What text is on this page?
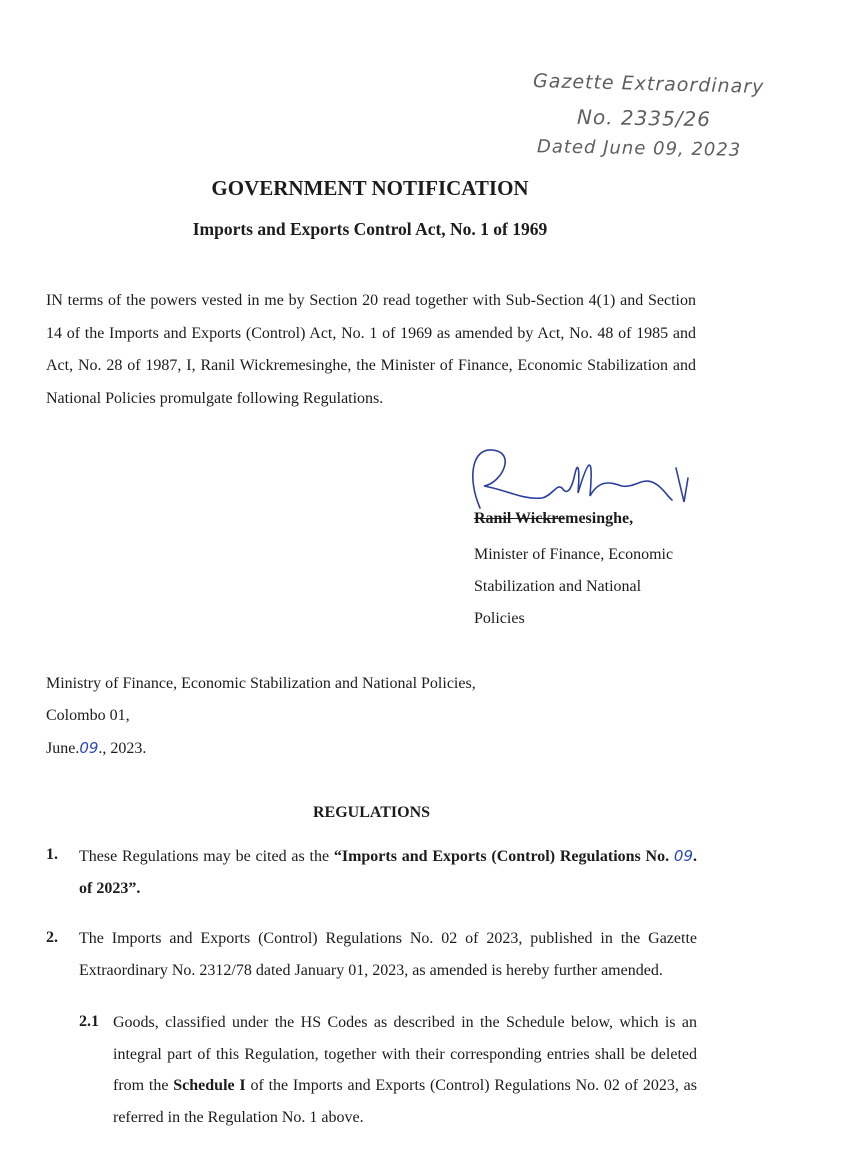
Gazette Extraordinary
No. 2335/26
Dated June 09, 2023
GOVERNMENT NOTIFICATION
Imports and Exports Control Act, No. 1 of 1969

IN terms of the powers vested in me by Section 20 read together with Sub-Section 4(1) and Section 14 of the Imports and Exports (Control) Act, No. 1 of 1969 as amended by Act, No. 48 of 1985 and Act, No. 28 of 1987, I, Ranil Wickremesinghe, the Minister of Finance, Economic Stabilization and National Policies promulgate following Regulations.

Ranil Wickremesinghe,
Minister of Finance, Economic
Stabilization and National
Policies
Ministry of Finance, Economic Stabilization and National Policies,
Colombo 01,
June.09., 2023.
REGULATIONS
1. These Regulations may be cited as the “Imports and Exports (Control) Regulations No. 09. of 2023”.

2. The Imports and Exports (Control) Regulations No. 02 of 2023, published in the Gazette Extraordinary No. 2312/78 dated January 01, 2023, as amended is hereby further amended.

2.1 Goods, classified under the HS Codes as described in the Schedule below, which is an integral part of this Regulation, together with their corresponding entries shall be deleted from the Schedule I of the Imports and Exports (Control) Regulations No. 02 of 2023, as referred in the Regulation No. 1 above.
